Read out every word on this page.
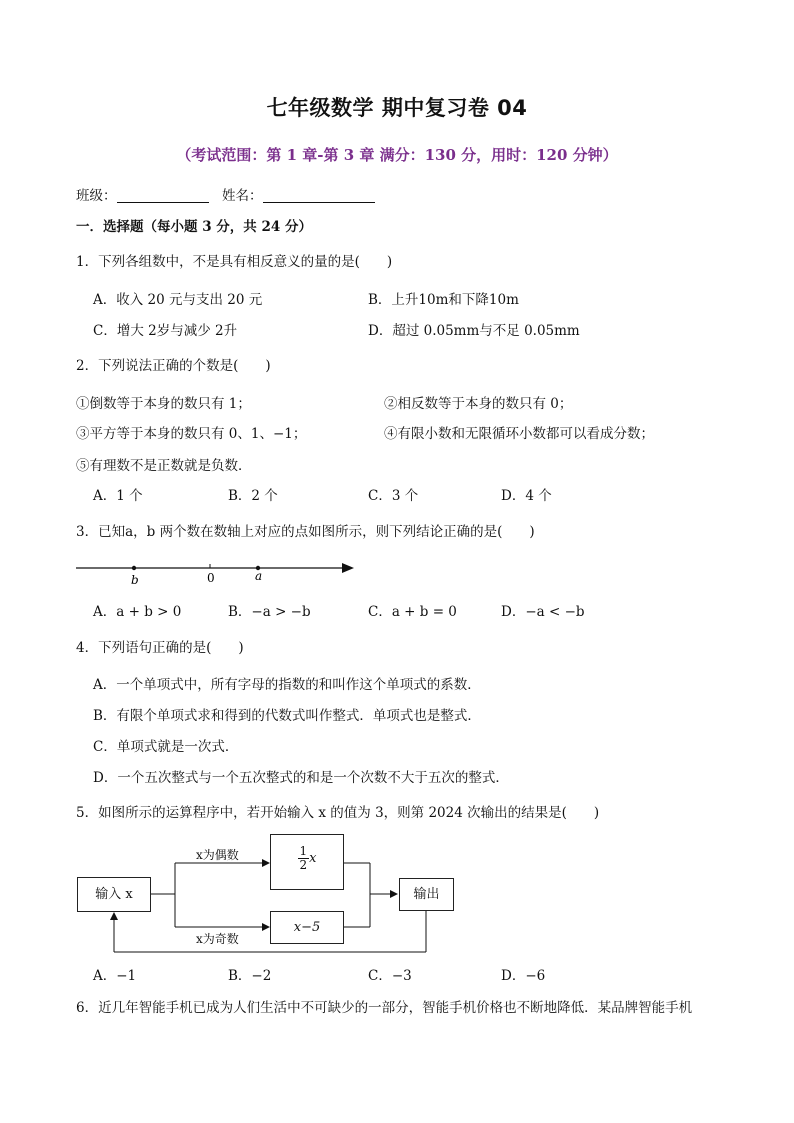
七年级数学 期中复习卷 04
（考试范围：第 1 章-第 3 章 满分：130 分，用时：120 分钟）
班级：	姓名：
一．选择题（每小题 3 分，共 24 分）
1．下列各组数中，不是具有相反意义的量的是(　　)
A．收入 20 元与支出 20 元	B．上升10m和下降10m
C．增大 2岁与减少 2升	D．超过 0.05mm与不足 0.05mm
2．下列说法正确的个数是(　　)
①倒数等于本身的数只有 1；	②相反数等于本身的数只有 0；
③平方等于本身的数只有 0、1、−1；	④有限小数和无限循环小数都可以看成分数；
⑤有理数不是正数就是负数．
A．1 个	B．2 个	C．3 个	D．4 个
3．已知a，b 两个数在数轴上对应的点如图所示，则下列结论正确的是(　　)
b	0	a
A．a + b > 0	B．−a > −b	C．a + b = 0	D．−a < −b
4．下列语句正确的是(　　)
A．一个单项式中，所有字母的指数的和叫作这个单项式的系数．
B．有限个单项式求和得到的代数式叫作整式．单项式也是整式．
C．单项式就是一次式．
D．一个五次整式与一个五次整式的和是一个次数不大于五次的整式．
5．如图所示的运算程序中，若开始输入 x 的值为 3，则第 2024 次输出的结果是(　　)
输入 x
x为偶数
x为奇数
$\frac{1}{2}$ x
x−5
输出
A．−1	B．−2	C．−3	D．−6
6．近几年智能手机已成为人们生活中不可缺少的一部分，智能手机价格也不断地降低．某品牌智能手机
